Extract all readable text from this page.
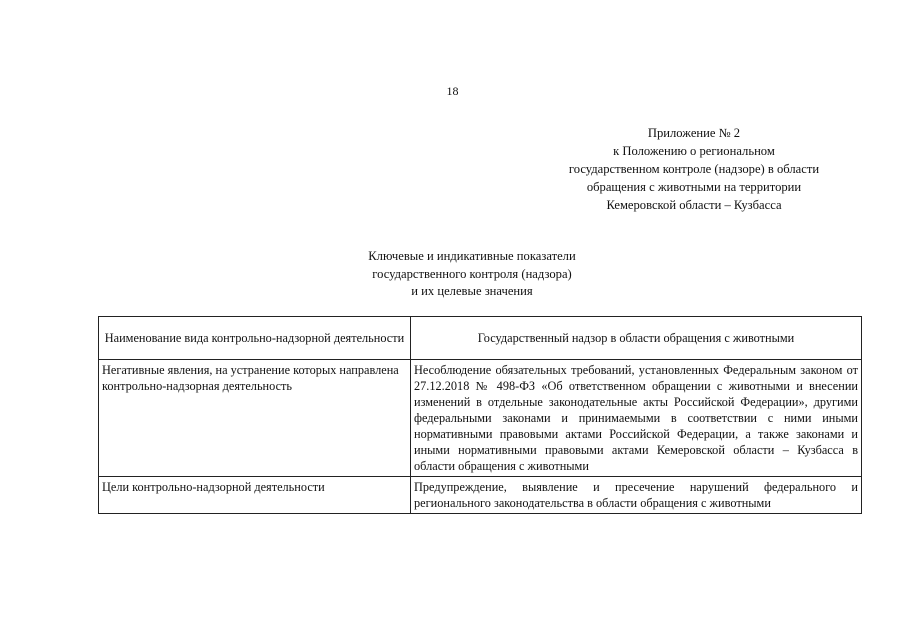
18
Приложение № 2
к Положению о региональном
государственном контроле (надзоре) в области
обращения с животными на территории
Кемеровской области – Кузбасса
Ключевые и индикативные показатели
государственного контроля (надзора)
и их целевые значения
Наименование вида контрольно-надзорной деятельности	Государственный надзор в области обращения с животными
Негативные явления, на устранение которых направлена контрольно-надзорная деятельность	Несоблюдение обязательных требований, установленных Федеральным законом от 27.12.2018 № 498-ФЗ «Об ответственном обращении с животными и внесении изменений в отдельные законодательные акты Российской Федерации», другими федеральными законами и принимаемыми в соответствии с ними иными нормативными правовыми актами Российской Федерации, а также законами и иными нормативными правовыми актами Кемеровской области – Кузбасса в области обращения с животными
Цели контрольно-надзорной деятельности	Предупреждение, выявление и пресечение нарушений федерального и регионального законодательства в области обращения с животными
